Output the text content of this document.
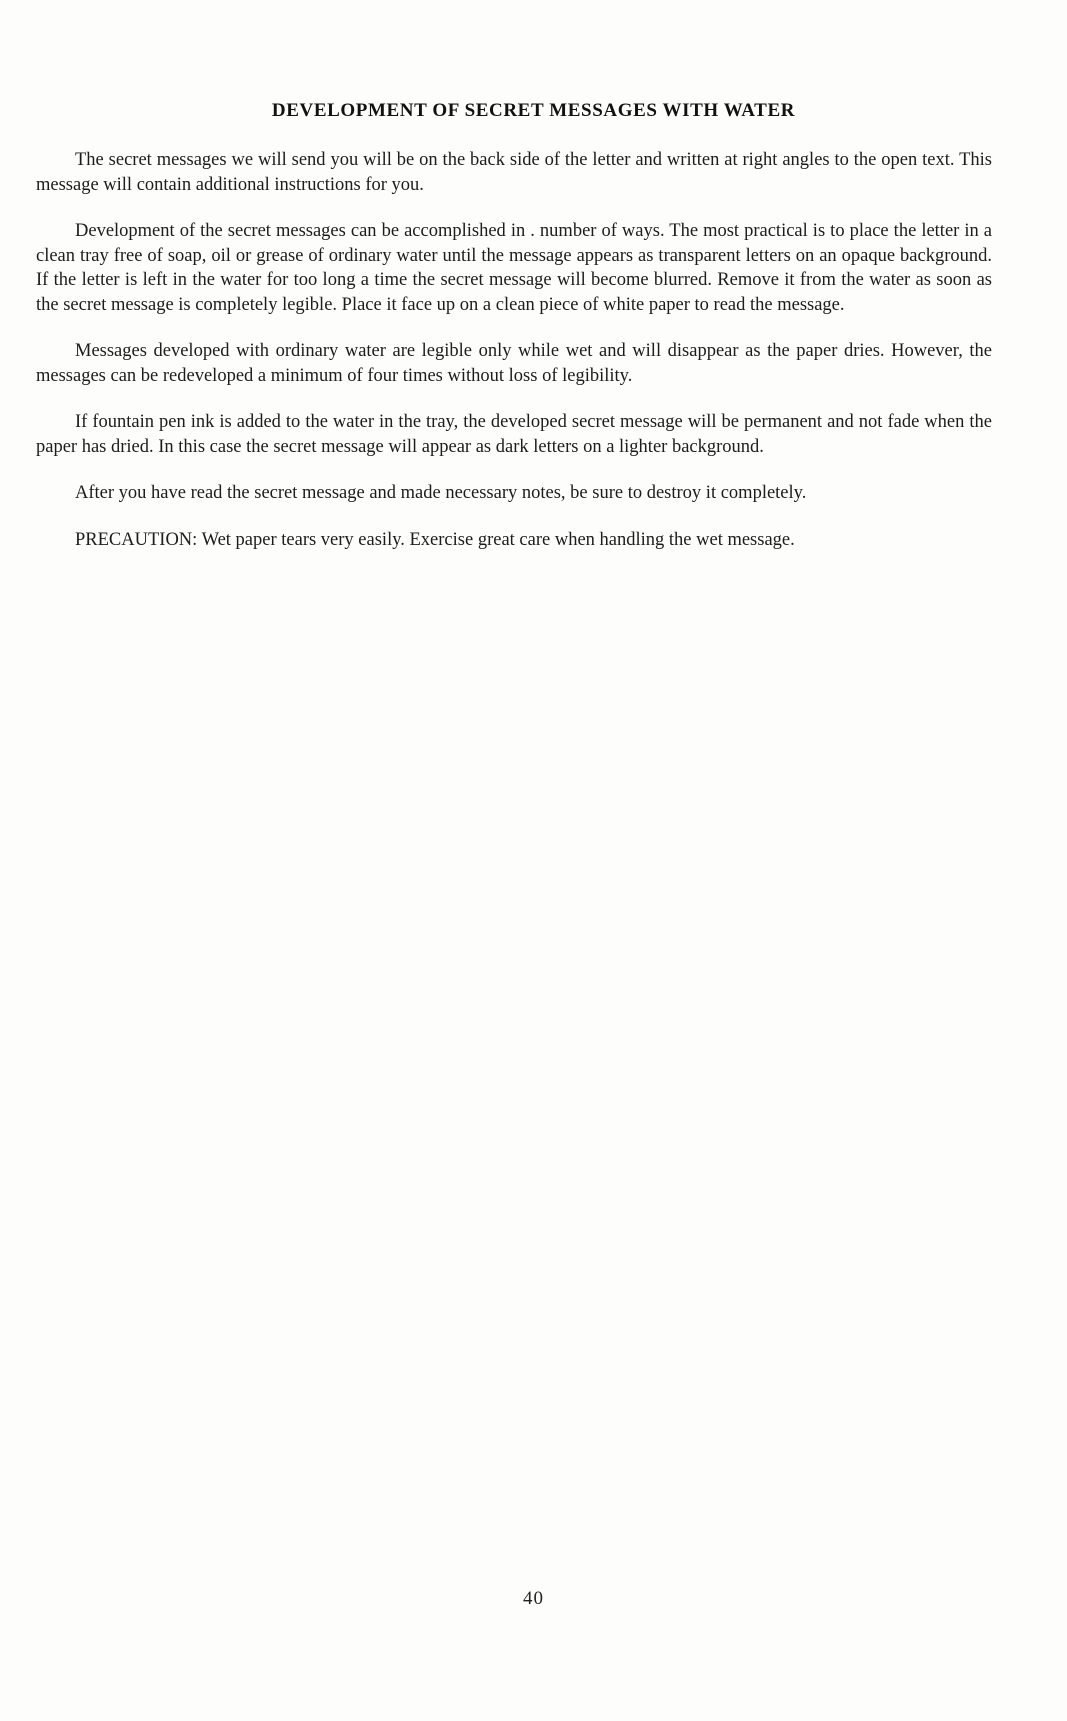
DEVELOPMENT OF SECRET MESSAGES WITH WATER

The secret messages we will send you will be on the back side of the letter and written at right angles to the open text. This message will contain additional instructions for you.

Development of the secret messages can be accomplished in . number of ways. The most practical is to place the letter in a clean tray free of soap, oil or grease of ordinary water until the message appears as transparent letters on an opaque background. If the letter is left in the water for too long a time the secret message will become blurred. Remove it from the water as soon as the secret message is completely legible. Place it face up on a clean piece of white paper to read the message.

Messages developed with ordinary water are legible only while wet and will disappear as the paper dries. However, the messages can be redeveloped a minimum of four times without loss of legibility.

If fountain pen ink is added to the water in the tray, the developed secret message will be permanent and not fade when the paper has dried. In this case the secret message will appear as dark letters on a lighter background.

After you have read the secret message and made necessary notes, be sure to destroy it completely.

PRECAUTION: Wet paper tears very easily. Exercise great care when handling the wet message.

40
